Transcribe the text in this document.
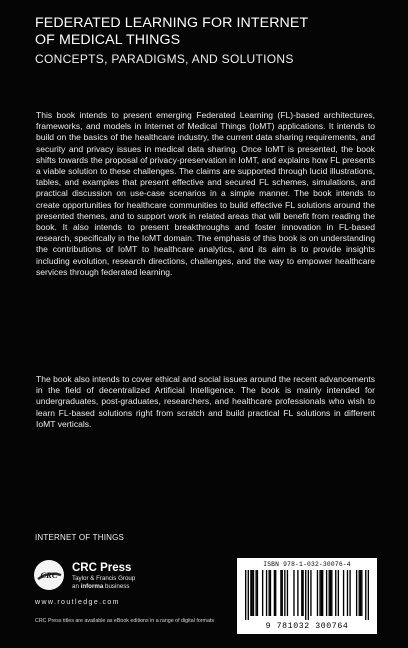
FEDERATED LEARNING FOR INTERNET
OF MEDICAL THINGS
CONCEPTS, PARADIGMS, AND SOLUTIONS
This book intends to present emerging Federated Learning (FL)-based architectures, frameworks, and models in Internet of Medical Things (IoMT) applications. It intends to build on the basics of the healthcare industry, the current data sharing requirements, and security and privacy issues in medical data sharing. Once IoMT is presented, the book shifts towards the proposal of privacy-preservation in IoMT, and explains how FL presents a viable solution to these challenges. The claims are supported through lucid illustrations, tables, and examples that present effective and secured FL schemes, simulations, and practical discussion on use-case scenarios in a simple manner. The book intends to create opportunities for healthcare communities to build effective FL solutions around the presented themes, and to support work in related areas that will benefit from reading the book. It also intends to present breakthroughs and foster innovation in FL-based research, specifically in the IoMT domain. The emphasis of this book is on understanding the contributions of IoMT to healthcare analytics, and its aim is to provide insights including evolution, research directions, challenges, and the way to empower healthcare services through federated learning.
The book also intends to cover ethical and social issues around the recent advancements in the field of decentralized Artificial Intelligence. The book is mainly intended for undergraduates, post-graduates, researchers, and healthcare professionals who wish to learn FL-based solutions right from scratch and build practical FL solutions in different IoMT verticals.
INTERNET OF THINGS
CRC
CRC Press
Taylor & Francis Group
an informa business
www.routledge.com
CRC Press titles are available as eBook editions in a range of digital formats
ISBN 978-1-032-30076-4
9 781032 300764
